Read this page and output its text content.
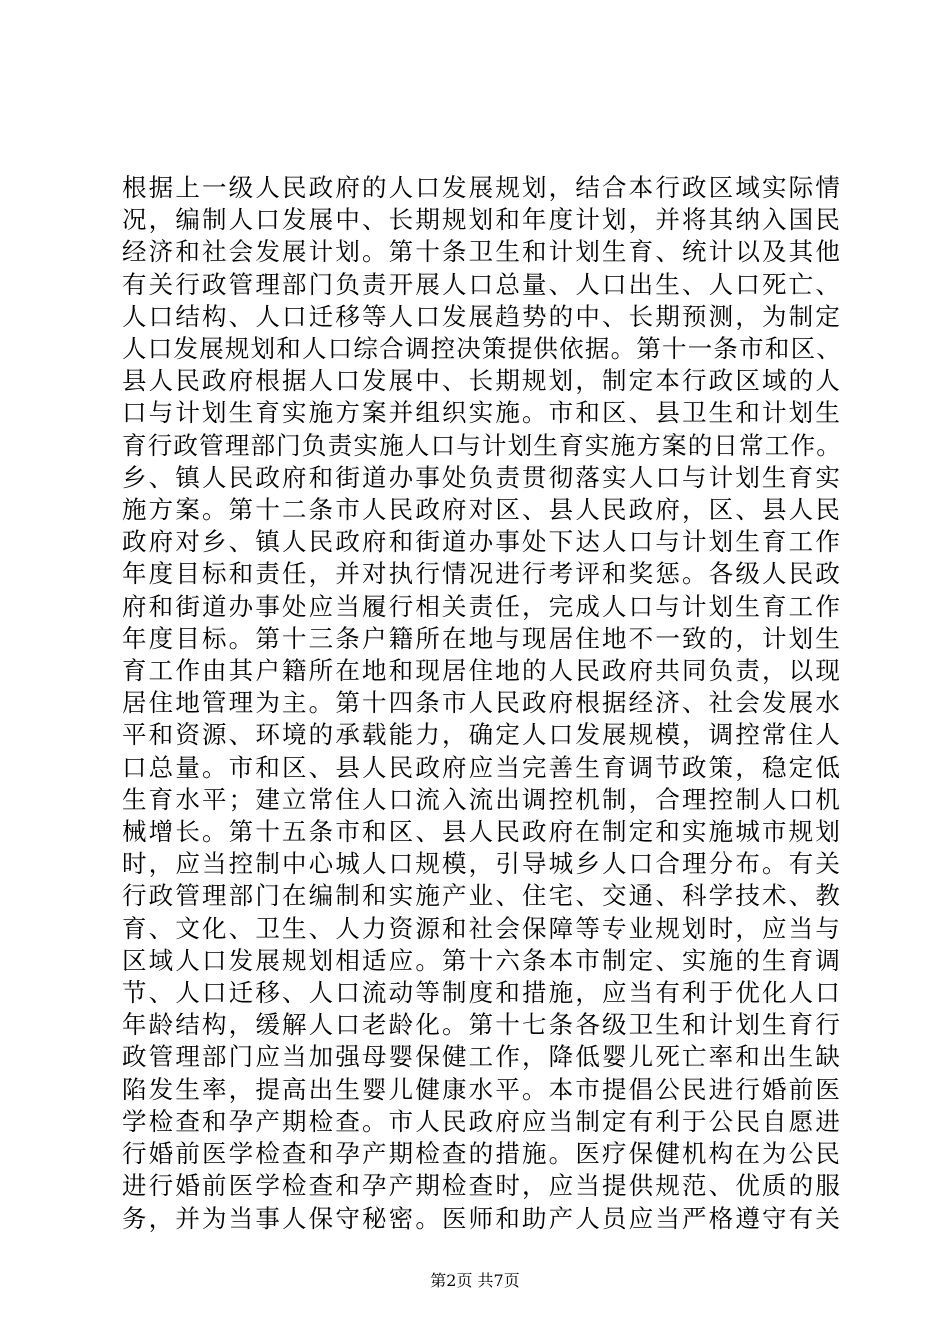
根据上一级人民政府的人口发展规划，结合本行政区域实际情
况，编制人口发展中、长期规划和年度计划，并将其纳入国民
经济和社会发展计划。第十条卫生和计划生育、统计以及其他
有关行政管理部门负责开展人口总量、人口出生、人口死亡、
人口结构、人口迁移等人口发展趋势的中、长期预测，为制定
人口发展规划和人口综合调控决策提供依据。第十一条市和区、
县人民政府根据人口发展中、长期规划，制定本行政区域的人
口与计划生育实施方案并组织实施。市和区、县卫生和计划生
育行政管理部门负责实施人口与计划生育实施方案的日常工作。
乡、镇人民政府和街道办事处负责贯彻落实人口与计划生育实
施方案。第十二条市人民政府对区、县人民政府，区、县人民
政府对乡、镇人民政府和街道办事处下达人口与计划生育工作
年度目标和责任，并对执行情况进行考评和奖惩。各级人民政
府和街道办事处应当履行相关责任，完成人口与计划生育工作
年度目标。第十三条户籍所在地与现居住地不一致的，计划生
育工作由其户籍所在地和现居住地的人民政府共同负责，以现
居住地管理为主。第十四条市人民政府根据经济、社会发展水
平和资源、环境的承载能力，确定人口发展规模，调控常住人
口总量。市和区、县人民政府应当完善生育调节政策，稳定低
生育水平；建立常住人口流入流出调控机制，合理控制人口机
械增长。第十五条市和区、县人民政府在制定和实施城市规划
时，应当控制中心城人口规模，引导城乡人口合理分布。有关
行政管理部门在编制和实施产业、住宅、交通、科学技术、教
育、文化、卫生、人力资源和社会保障等专业规划时，应当与
区域人口发展规划相适应。第十六条本市制定、实施的生育调
节、人口迁移、人口流动等制度和措施，应当有利于优化人口
年龄结构，缓解人口老龄化。第十七条各级卫生和计划生育行
政管理部门应当加强母婴保健工作，降低婴儿死亡率和出生缺
陷发生率，提高出生婴儿健康水平。本市提倡公民进行婚前医
学检查和孕产期检查。市人民政府应当制定有利于公民自愿进
行婚前医学检查和孕产期检查的措施。医疗保健机构在为公民
进行婚前医学检查和孕产期检查时，应当提供规范、优质的服
务，并为当事人保守秘密。医师和助产人员应当严格遵守有关
第2页 共7页
